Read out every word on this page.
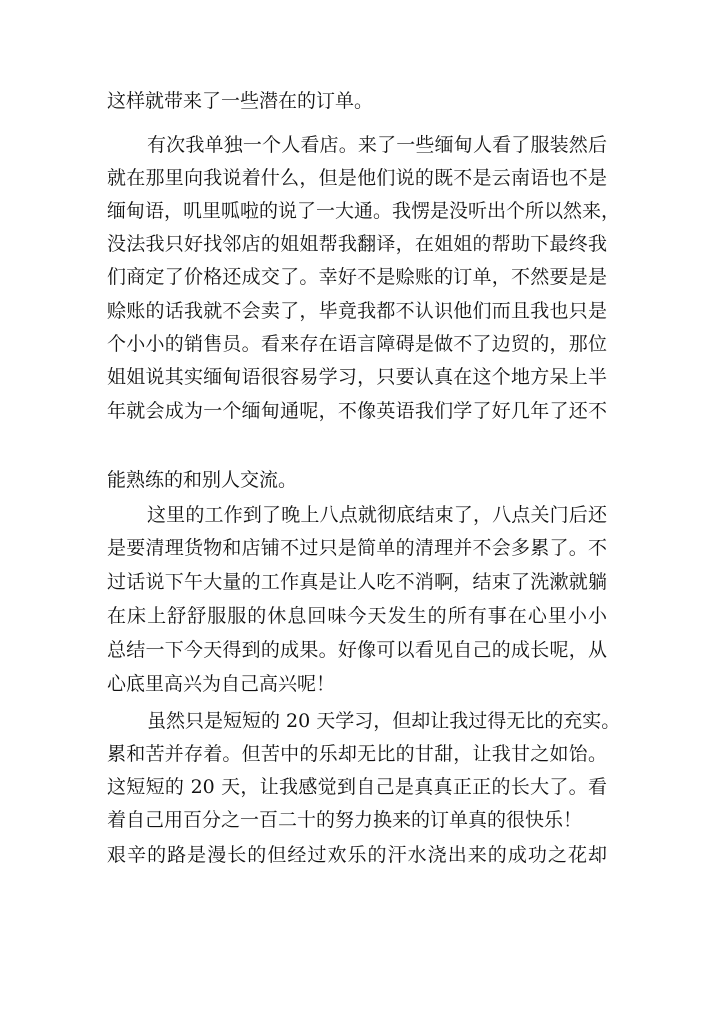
这样就带来了一些潜在的订单。
有次我单独一个人看店。来了一些缅甸人看了服装然后
就在那里向我说着什么，但是他们说的既不是云南语也不是
缅甸语，叽里呱啦的说了一大通。我愣是没听出个所以然来，
没法我只好找邻店的姐姐帮我翻译，在姐姐的帮助下最终我
们商定了价格还成交了。幸好不是赊账的订单，不然要是是
赊账的话我就不会卖了，毕竟我都不认识他们而且我也只是
个小小的销售员。看来存在语言障碍是做不了边贸的，那位
姐姐说其实缅甸语很容易学习，只要认真在这个地方呆上半
年就会成为一个缅甸通呢，不像英语我们学了好几年了还不
能熟练的和别人交流。
这里的工作到了晚上八点就彻底结束了，八点关门后还
是要清理货物和店铺不过只是简单的清理并不会多累了。不
过话说下午大量的工作真是让人吃不消啊，结束了洗漱就躺
在床上舒舒服服的休息回味今天发生的所有事在心里小小
总结一下今天得到的成果。好像可以看见自己的成长呢，从
心底里高兴为自己高兴呢！
虽然只是短短的 20 天学习，但却让我过得无比的充实。
累和苦并存着。但苦中的乐却无比的甘甜，让我甘之如饴。
这短短的 20 天，让我感觉到自己是真真正正的长大了。看
着自己用百分之一百二十的努力换来的订单真的很快乐！
艰辛的路是漫长的但经过欢乐的汗水浇出来的成功之花却
